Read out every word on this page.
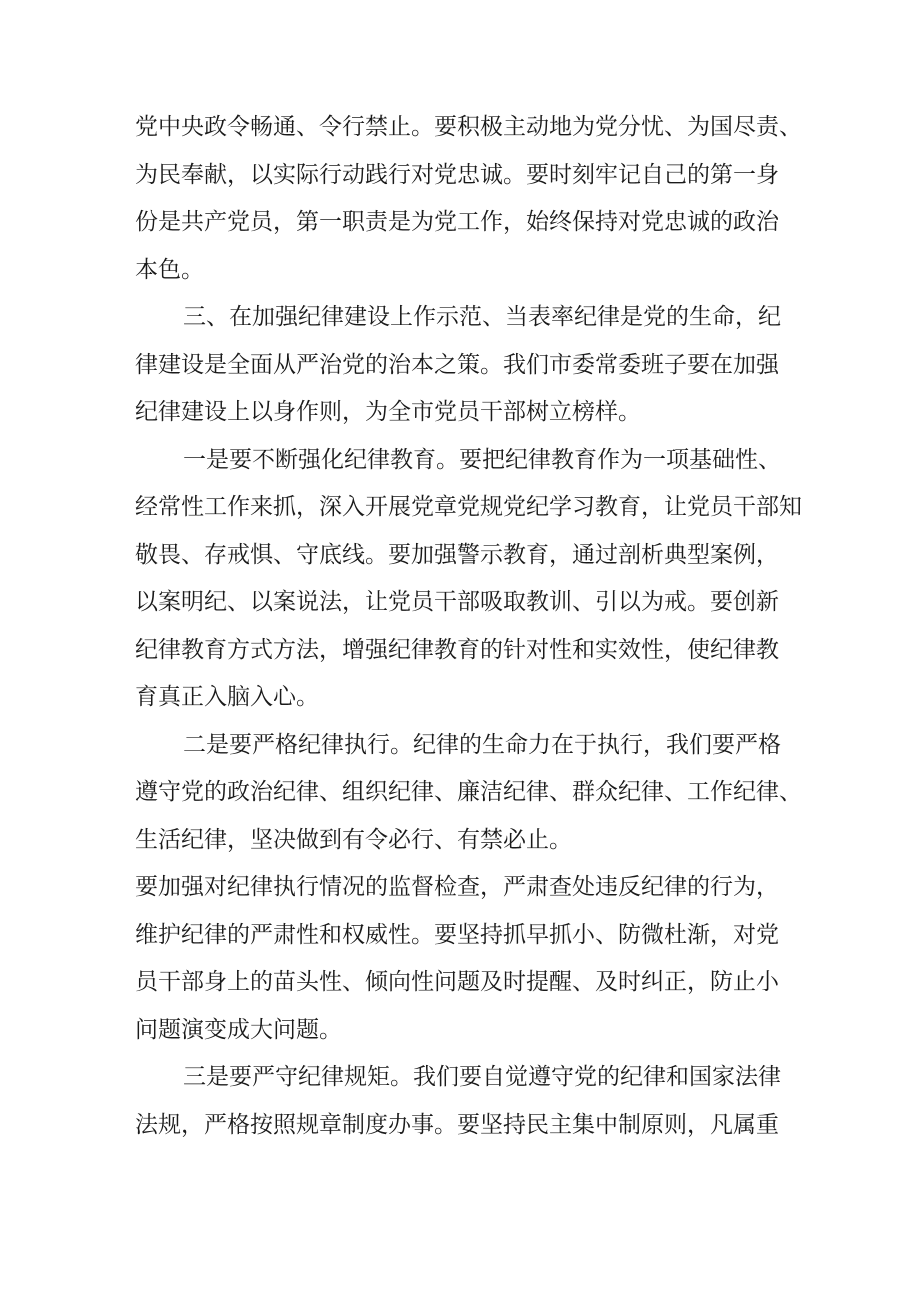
党中央政令畅通、令行禁止。要积极主动地为党分忧、为国尽责、
为民奉献，以实际行动践行对党忠诚。要时刻牢记自己的第一身
份是共产党员，第一职责是为党工作，始终保持对党忠诚的政治
本色。
三、在加强纪律建设上作示范、当表率纪律是党的生命，纪
律建设是全面从严治党的治本之策。我们市委常委班子要在加强
纪律建设上以身作则，为全市党员干部树立榜样。
一是要不断强化纪律教育。要把纪律教育作为一项基础性、
经常性工作来抓，深入开展党章党规党纪学习教育，让党员干部知
敬畏、存戒惧、守底线。要加强警示教育，通过剖析典型案例，
以案明纪、以案说法，让党员干部吸取教训、引以为戒。要创新
纪律教育方式方法，增强纪律教育的针对性和实效性，使纪律教
育真正入脑入心。
二是要严格纪律执行。纪律的生命力在于执行，我们要严格
遵守党的政治纪律、组织纪律、廉洁纪律、群众纪律、工作纪律、
生活纪律，坚决做到有令必行、有禁必止。
要加强对纪律执行情况的监督检查，严肃查处违反纪律的行为，
维护纪律的严肃性和权威性。要坚持抓早抓小、防微杜渐，对党
员干部身上的苗头性、倾向性问题及时提醒、及时纠正，防止小
问题演变成大问题。
三是要严守纪律规矩。我们要自觉遵守党的纪律和国家法律
法规，严格按照规章制度办事。要坚持民主集中制原则，凡属重
